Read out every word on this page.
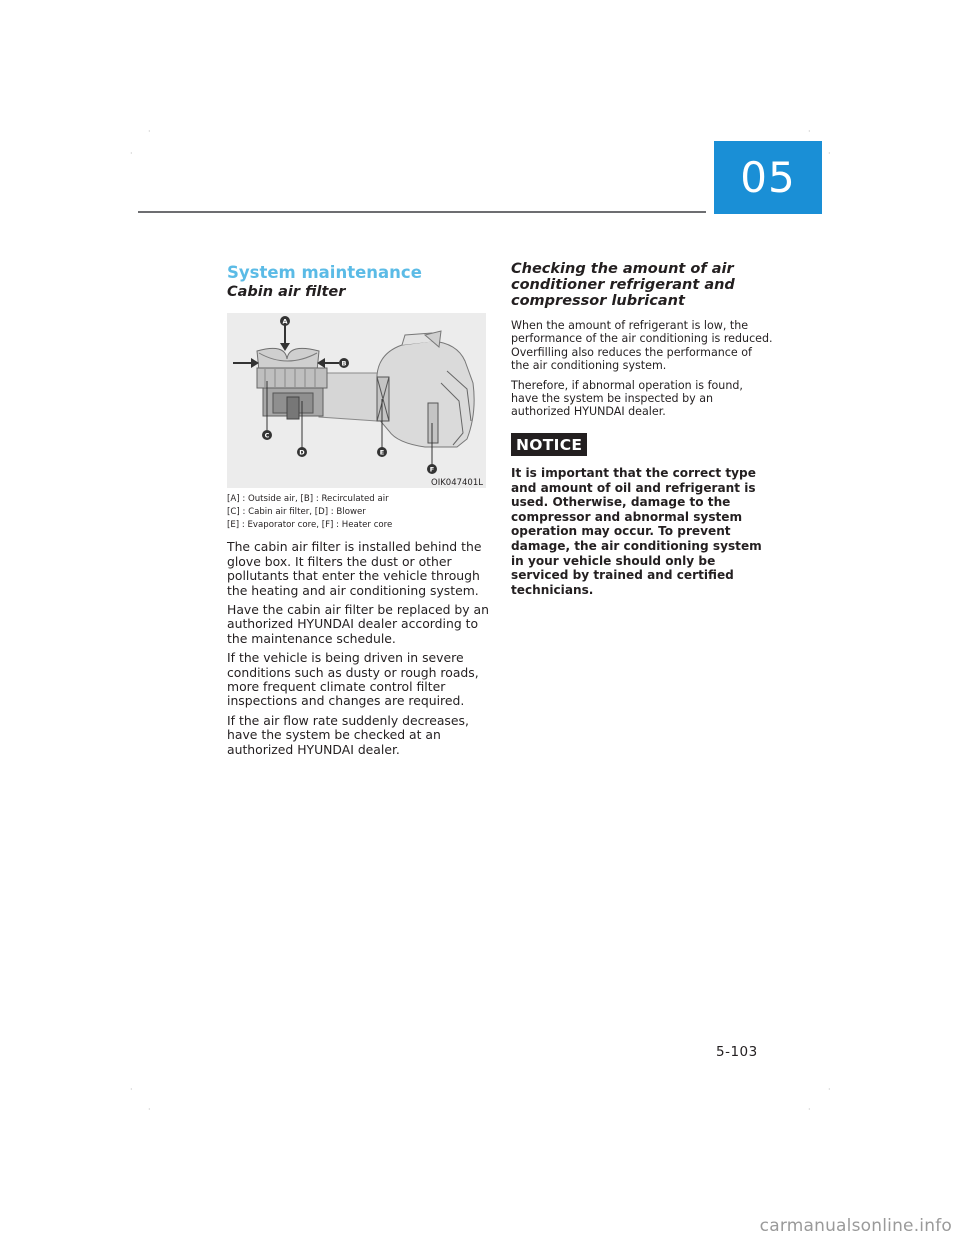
·	·
·	·
·	·
·	·
05
System maintenance
Cabin air filter
A
B
C
D	E
F
OIK047401L
[A] : Outside air, [B] : Recirculated air
[C] : Cabin air filter, [D] : Blower
[E] : Evaporator core, [F] : Heater core

The cabin air filter is installed behind the glove box. It filters the dust or other pollutants that enter the vehicle through the heating and air conditioning system.

Have the cabin air filter be replaced by an authorized HYUNDAI dealer according to the maintenance schedule.

If the vehicle is being driven in severe conditions such as dusty or rough roads, more frequent climate control filter inspections and changes are required.

If the air flow rate suddenly decreases, have the system be checked at an authorized HYUNDAI dealer.

Checking the amount of air conditioner refrigerant and compressor lubricant

When the amount of refrigerant is low, the performance of the air conditioning is reduced. Overfilling also reduces the performance of the air conditioning system.

Therefore, if abnormal operation is found, have the system be inspected by an authorized HYUNDAI dealer.

NOTICE

It is important that the correct type and amount of oil and refrigerant is used. Otherwise, damage to the compressor and abnormal system operation may occur. To prevent damage, the air conditioning system in your vehicle should only be serviced by trained and certified technicians.

5-103
carmanualsonline.info
